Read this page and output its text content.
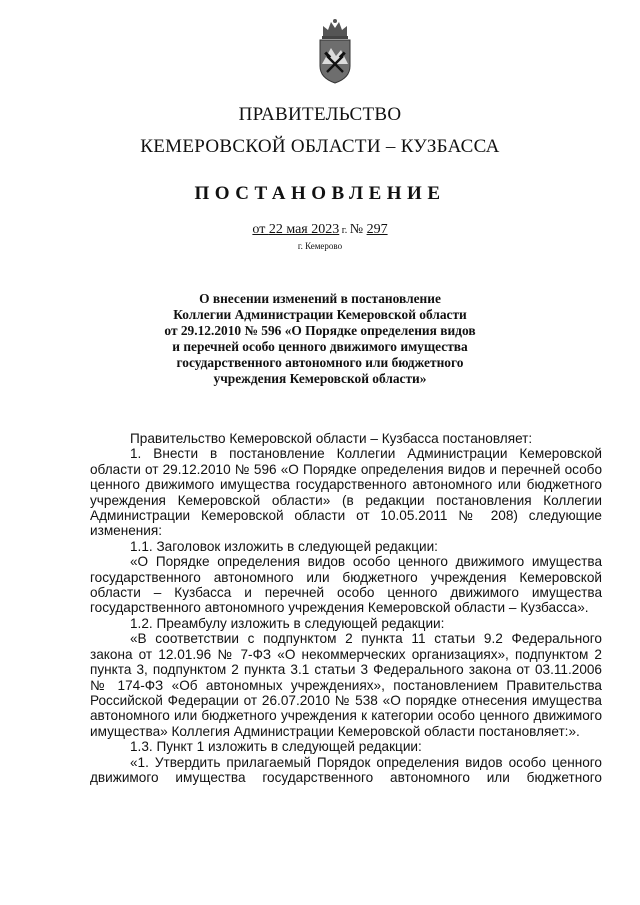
ПРАВИТЕЛЬСТВО
КЕМЕРОВСКОЙ ОБЛАСТИ – КУЗБАССА
ПОСТАНОВЛЕНИЕ
от 22 мая 2023 г. № 297
г. Кемерово
О внесении изменений в постановление
Коллегии Администрации Кемеровской области
от 29.12.2010 № 596 «О Порядке определения видов
и перечней особо ценного движимого имущества
государственного автономного или бюджетного
учреждения Кемеровской области»

Правительство Кемеровской области – Кузбасса постановляет:

1. Внести в постановление Коллегии Администрации Кемеровской области от 29.12.2010 № 596 «О Порядке определения видов и перечней особо ценного движимого имущества государственного автономного или бюджетного учреждения Кемеровской области» (в редакции постановления Коллегии Администрации Кемеровской области от 10.05.2011 № 208) следующие изменения:

1.1. Заголовок изложить в следующей редакции:

«О Порядке определения видов особо ценного движимого имущества государственного автономного или бюджетного учреждения Кемеровской области – Кузбасса и перечней особо ценного движимого имущества государственного автономного учреждения Кемеровской области – Кузбасса».

1.2. Преамбулу изложить в следующей редакции:

«В соответствии с подпунктом 2 пункта 11 статьи 9.2 Федерального закона от 12.01.96 № 7-ФЗ «О некоммерческих организациях», подпунктом 2 пункта 3, подпунктом 2 пункта 3.1 статьи 3 Федерального закона от 03.11.2006 № 174-ФЗ «Об автономных учреждениях», постановлением Правительства Российской Федерации от 26.07.2010 № 538 «О порядке отнесения имущества автономного или бюджетного учреждения к категории особо ценного движимого имущества» Коллегия Администрации Кемеровской области постановляет:».

1.3. Пункт 1 изложить в следующей редакции:

«1. Утвердить прилагаемый Порядок определения видов особо ценного движимого имущества государственного автономного или бюджетного
